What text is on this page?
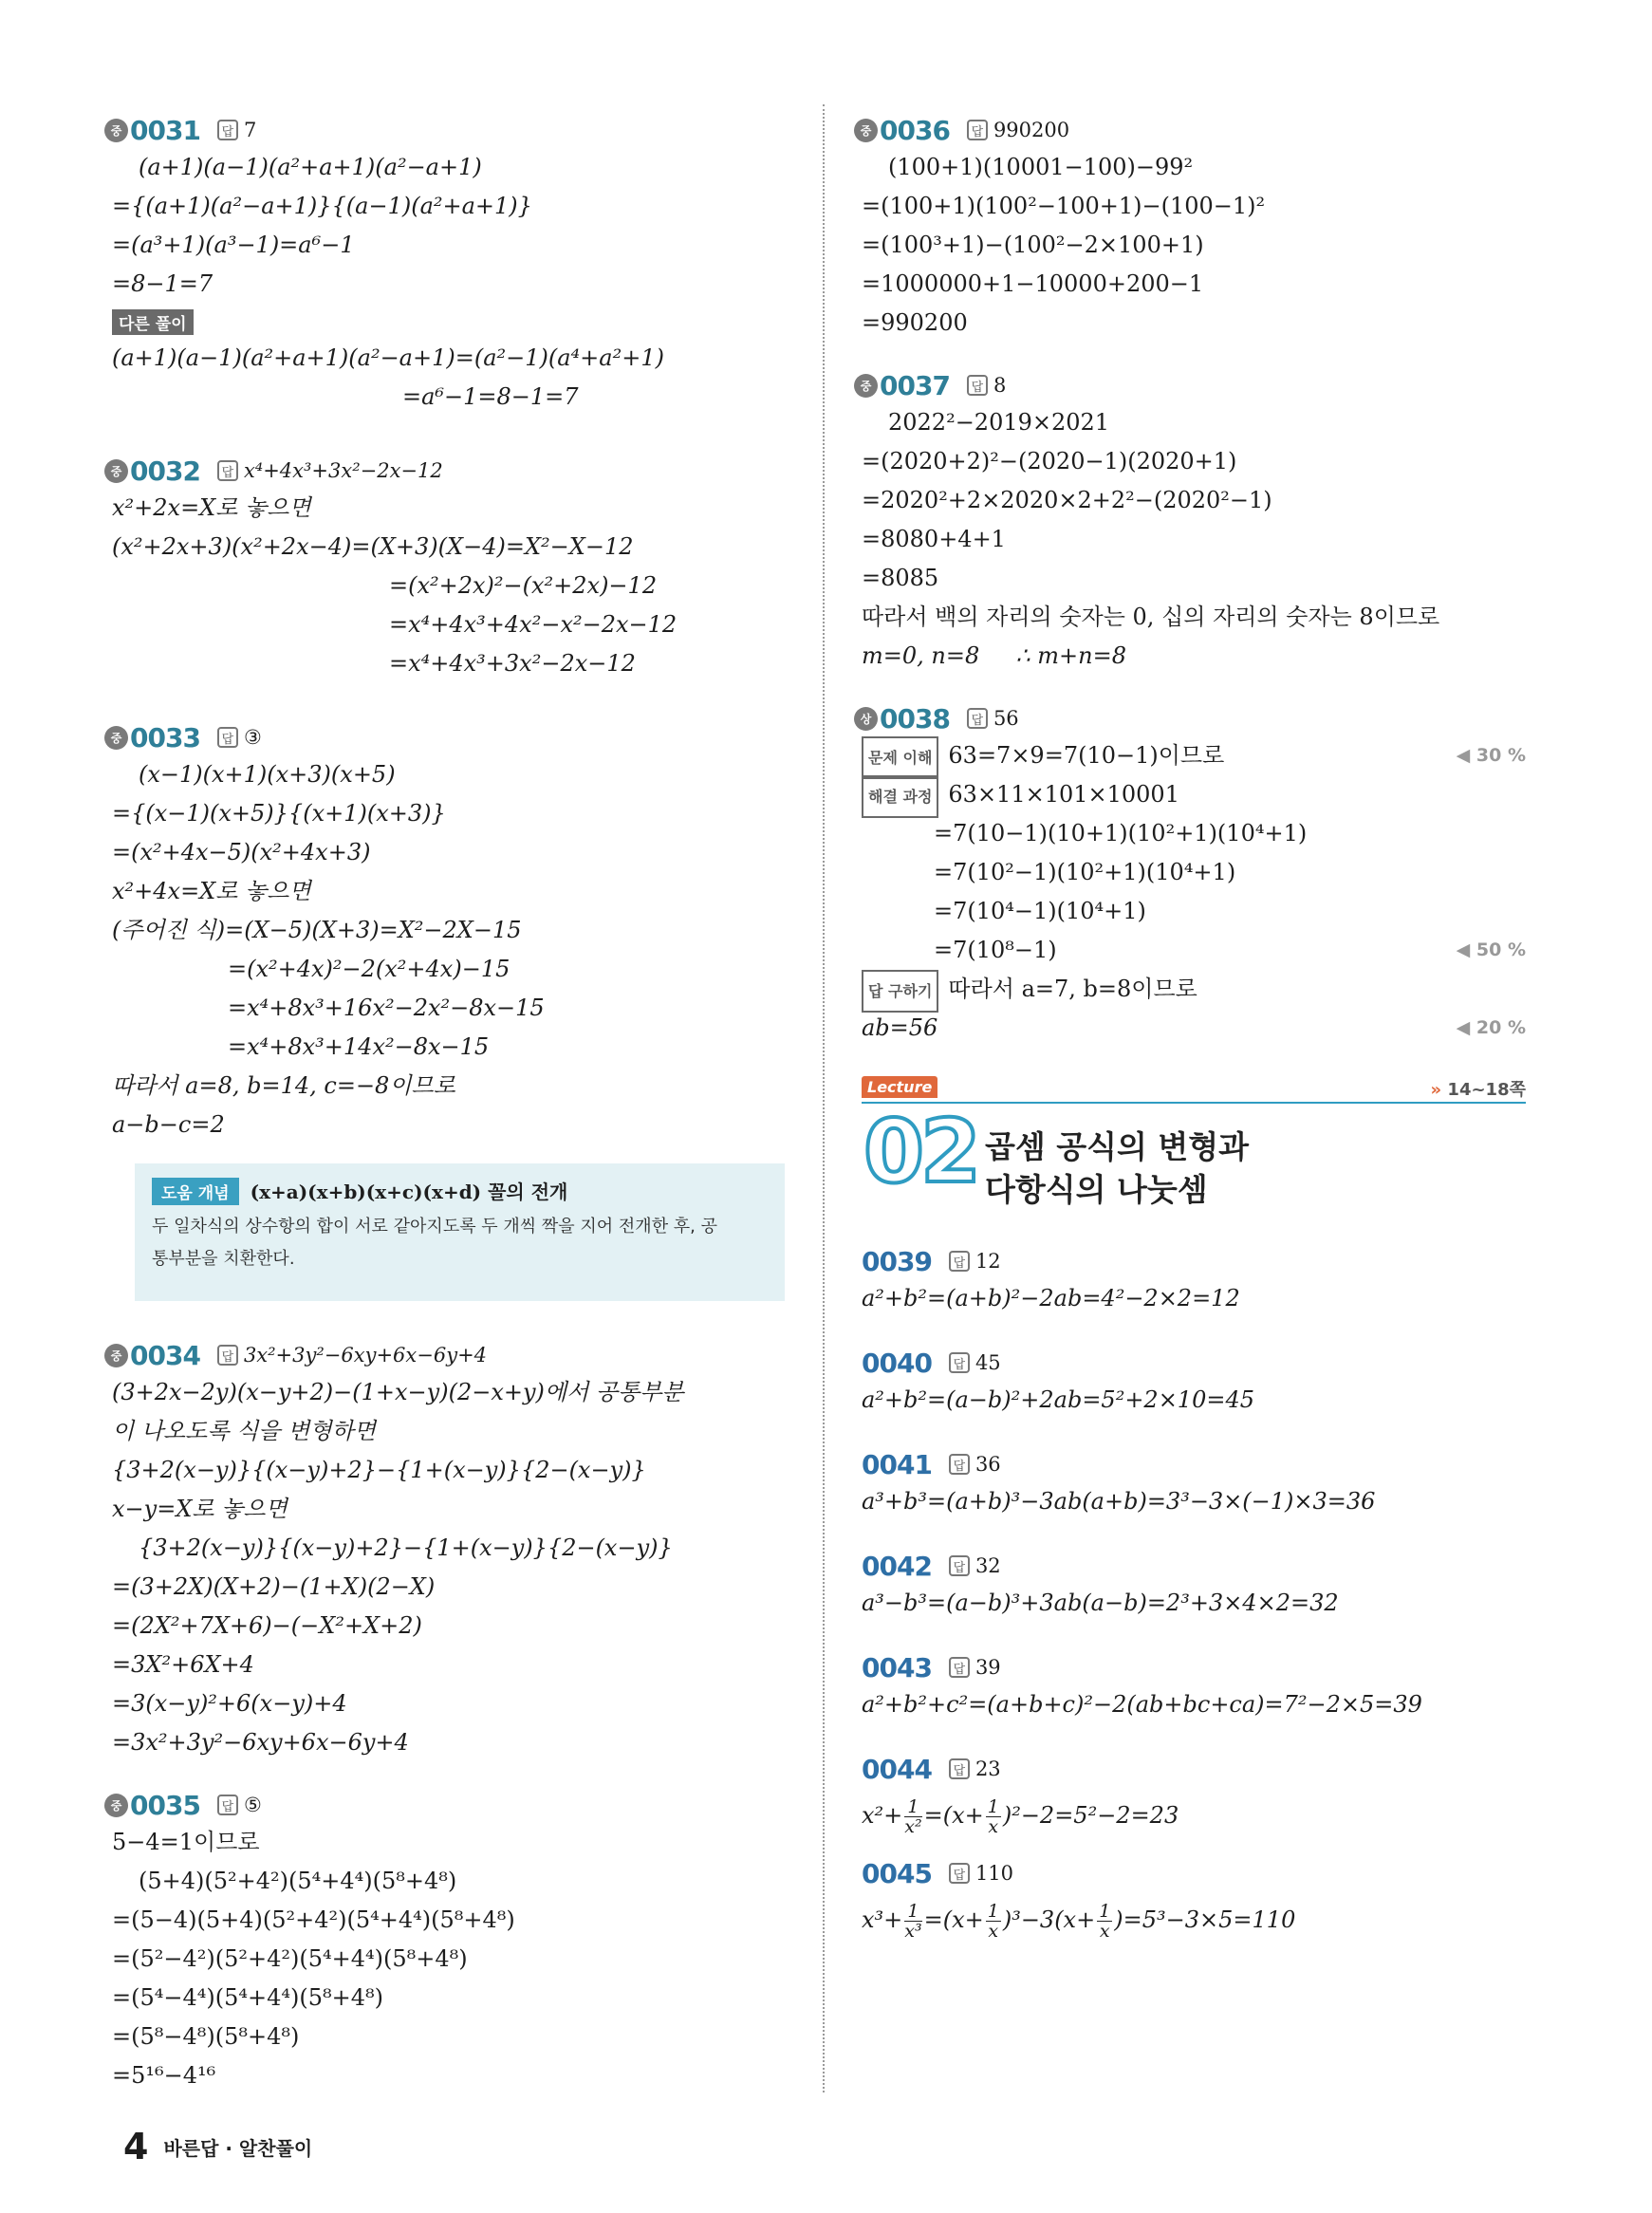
중 0031	답 7
(a+1)(a−1)(a²+a+1)(a²−a+1)
={(a+1)(a²−a+1)}{(a−1)(a²+a+1)}
=(a³+1)(a³−1)=a⁶−1
=8−1=7
다른 풀이
(a+1)(a−1)(a²+a+1)(a²−a+1)=(a²−1)(a⁴+a²+1)
=a⁶−1=8−1=7
중 0032	답 x⁴+4x³+3x²−2x−12
x²+2x=X로 놓으면
(x²+2x+3)(x²+2x−4)=(X+3)(X−4)=X²−X−12
=(x²+2x)²−(x²+2x)−12
=x⁴+4x³+4x²−x²−2x−12
=x⁴+4x³+3x²−2x−12
중 0033	답 ③
(x−1)(x+1)(x+3)(x+5)
={(x−1)(x+5)}{(x+1)(x+3)}
=(x²+4x−5)(x²+4x+3)
x²+4x=X로 놓으면
(주어진 식)=(X−5)(X+3)=X²−2X−15
=(x²+4x)²−2(x²+4x)−15
=x⁴+8x³+16x²−2x²−8x−15
=x⁴+8x³+14x²−8x−15
따라서 a=8, b=14, c=−8이므로
a−b−c=2
도움 개념 (x+a)(x+b)(x+c)(x+d) 꼴의 전개
두 일차식의 상수항의 합이 서로 같아지도록 두 개씩 짝을 지어 전개한 후, 공
통부분을 치환한다.
중 0034	답 3x²+3y²−6xy+6x−6y+4
(3+2x−2y)(x−y+2)−(1+x−y)(2−x+y)에서 공통부분
이 나오도록 식을 변형하면
{3+2(x−y)}{(x−y)+2}−{1+(x−y)}{2−(x−y)}
x−y=X로 놓으면
{3+2(x−y)}{(x−y)+2}−{1+(x−y)}{2−(x−y)}
=(3+2X)(X+2)−(1+X)(2−X)
=(2X²+7X+6)−(−X²+X+2)
=3X²+6X+4
=3(x−y)²+6(x−y)+4
=3x²+3y²−6xy+6x−6y+4
중 0035	답 ⑤
5−4=1이므로
(5+4)(5²+4²)(5⁴+4⁴)(5⁸+4⁸)
=(5−4)(5+4)(5²+4²)(5⁴+4⁴)(5⁸+4⁸)
=(5²−4²)(5²+4²)(5⁴+4⁴)(5⁸+4⁸)
=(5⁴−4⁴)(5⁴+4⁴)(5⁸+4⁸)
=(5⁸−4⁸)(5⁸+4⁸)
=5¹⁶−4¹⁶
중 0036	답 990200
(100+1)(10001−100)−99²
=(100+1)(100²−100+1)−(100−1)²
=(100³+1)−(100²−2×100+1)
=1000000+1−10000+200−1
=990200
중 0037	답 8
2022²−2019×2021
=(2020+2)²−(2020−1)(2020+1)
=2020²+2×2020×2+2²−(2020²−1)
=8080+4+1
=8085
따라서 백의 자리의 숫자는 0, 십의 자리의 숫자는 8이므로
m=0, n=8     ∴ m+n=8
상 0038	답 56
문제 이해 63=7×9=7(10−1)이므로	◀ 30 %
해결 과정 63×11×101×10001
=7(10−1)(10+1)(10²+1)(10⁴+1)
=7(10²−1)(10²+1)(10⁴+1)
=7(10⁴−1)(10⁴+1)
=7(10⁸−1)	◀ 50 %
답 구하기 따라서 a=7, b=8이므로
ab=56	◀ 20 %
Lecture	» 14~18쪽
02 곱셈 공식의 변형과
다항식의 나눗셈
0039	답 12
a²+b²=(a+b)²−2ab=4²−2×2=12
0040	답 45
a²+b²=(a−b)²+2ab=5²+2×10=45
0041	답 36
a³+b³=(a+b)³−3ab(a+b)=3³−3×(−1)×3=36
0042	답 32
a³−b³=(a−b)³+3ab(a−b)=2³+3×4×2=32
0043	답 39
a²+b²+c²=(a+b+c)²−2(ab+bc+ca)=7²−2×5=39
0044	답 23
$x^2+ \frac{1}{\text{x²}} =(x+ \frac{1}{x} )^2-2=5^2-2=23$
0045	답 110
$x^3+ \frac{1}{\text{x³}} =(x+ \frac{1}{x} )^3-3(x+ \frac{1}{x} )=5^3-3\times 5=110$
4 바른답 · 알찬풀이
